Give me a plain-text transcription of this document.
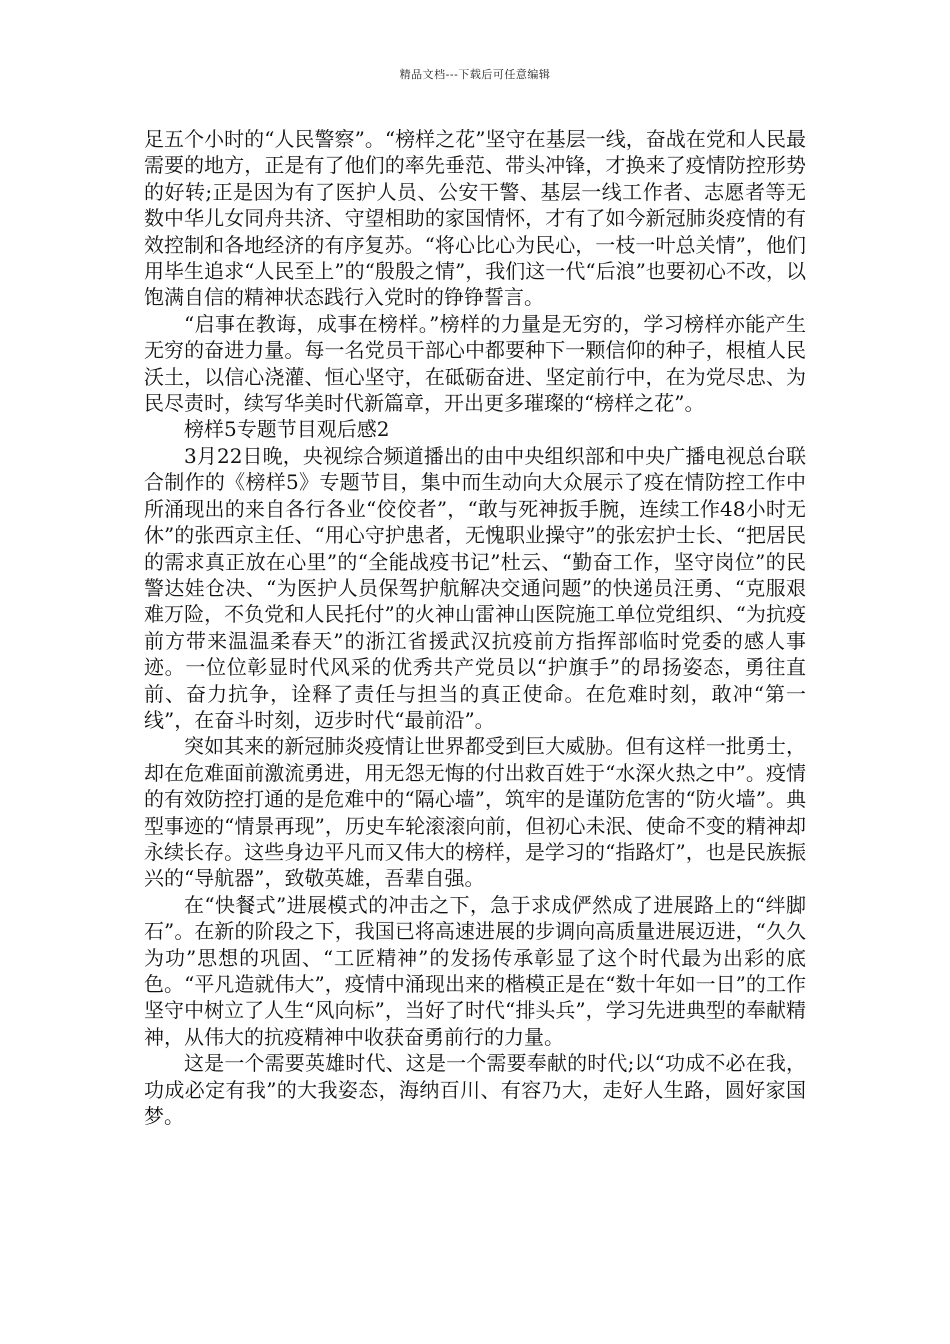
精品文档---下载后可任意编辑

足五个小时的“人民警察”。“榜样之花”坚守在基层一线，奋战在党和人民最需要的地方，正是有了他们的率先垂范、带头冲锋，才换来了疫情防控形势的好转;正是因为有了医护人员、公安干警、基层一线工作者、志愿者等无数中华儿女同舟共济、守望相助的家国情怀，才有了如今新冠肺炎疫情的有效控制和各地经济的有序复苏。“将心比心为民心，一枝一叶总关情”，他们用毕生追求“人民至上”的“殷殷之情”，我们这一代“后浪”也要初心不改，以饱满自信的精神状态践行入党时的铮铮誓言。

“启事在教诲，成事在榜样。”榜样的力量是无穷的，学习榜样亦能产生无穷的奋进力量。每一名党员干部心中都要种下一颗信仰的种子，根植人民沃土，以信心浇灌、恒心坚守，在砥砺奋进、坚定前行中，在为党尽忠、为民尽责时，续写华美时代新篇章，开出更多璀璨的“榜样之花”。

榜样5专题节目观后感2

3月22日晚，央视综合频道播出的由中央组织部和中央广播电视总台联合制作的《榜样5》专题节目，集中而生动向大众展示了疫在情防控工作中所涌现出的来自各行各业“佼佼者”，“敢与死神扳手腕，连续工作48小时无休”的张西京主任、“用心守护患者，无愧职业操守”的张宏护士长、“把居民的需求真正放在心里”的“全能战疫书记”杜云、“勤奋工作，坚守岗位”的民警达娃仓决、“为医护人员保驾护航解决交通问题”的快递员汪勇、“克服艰难万险，不负党和人民托付”的火神山雷神山医院施工单位党组织、“为抗疫前方带来温温柔春天”的浙江省援武汉抗疫前方指挥部临时党委的感人事迹。一位位彰显时代风采的优秀共产党员以“护旗手”的昂扬姿态，勇往直前、奋力抗争，诠释了责任与担当的真正使命。在危难时刻，敢冲“第一线”，在奋斗时刻，迈步时代“最前沿”。

突如其来的新冠肺炎疫情让世界都受到巨大威胁。但有这样一批勇士，却在危难面前激流勇进，用无怨无悔的付出救百姓于“水深火热之中”。疫情的有效防控打通的是危难中的“隔心墙”，筑牢的是谨防危害的“防火墙”。典型事迹的“情景再现”，历史车轮滚滚向前，但初心未泯、使命不变的精神却永续长存。这些身边平凡而又伟大的榜样，是学习的“指路灯”，也是民族振兴的“导航器”，致敬英雄，吾辈自强。

在“快餐式”进展模式的冲击之下，急于求成俨然成了进展路上的“绊脚石”。在新的阶段之下，我国已将高速进展的步调向高质量进展迈进，“久久为功”思想的巩固、“工匠精神”的发扬传承彰显了这个时代最为出彩的底色。“平凡造就伟大”，疫情中涌现出来的楷模正是在“数十年如一日”的工作坚守中树立了人生“风向标”，当好了时代“排头兵”，学习先进典型的奉献精神，从伟大的抗疫精神中收获奋勇前行的力量。

这是一个需要英雄时代、这是一个需要奉献的时代;以“功成不必在我，功成必定有我”的大我姿态，海纳百川、有容乃大，走好人生路，圆好家国梦。
